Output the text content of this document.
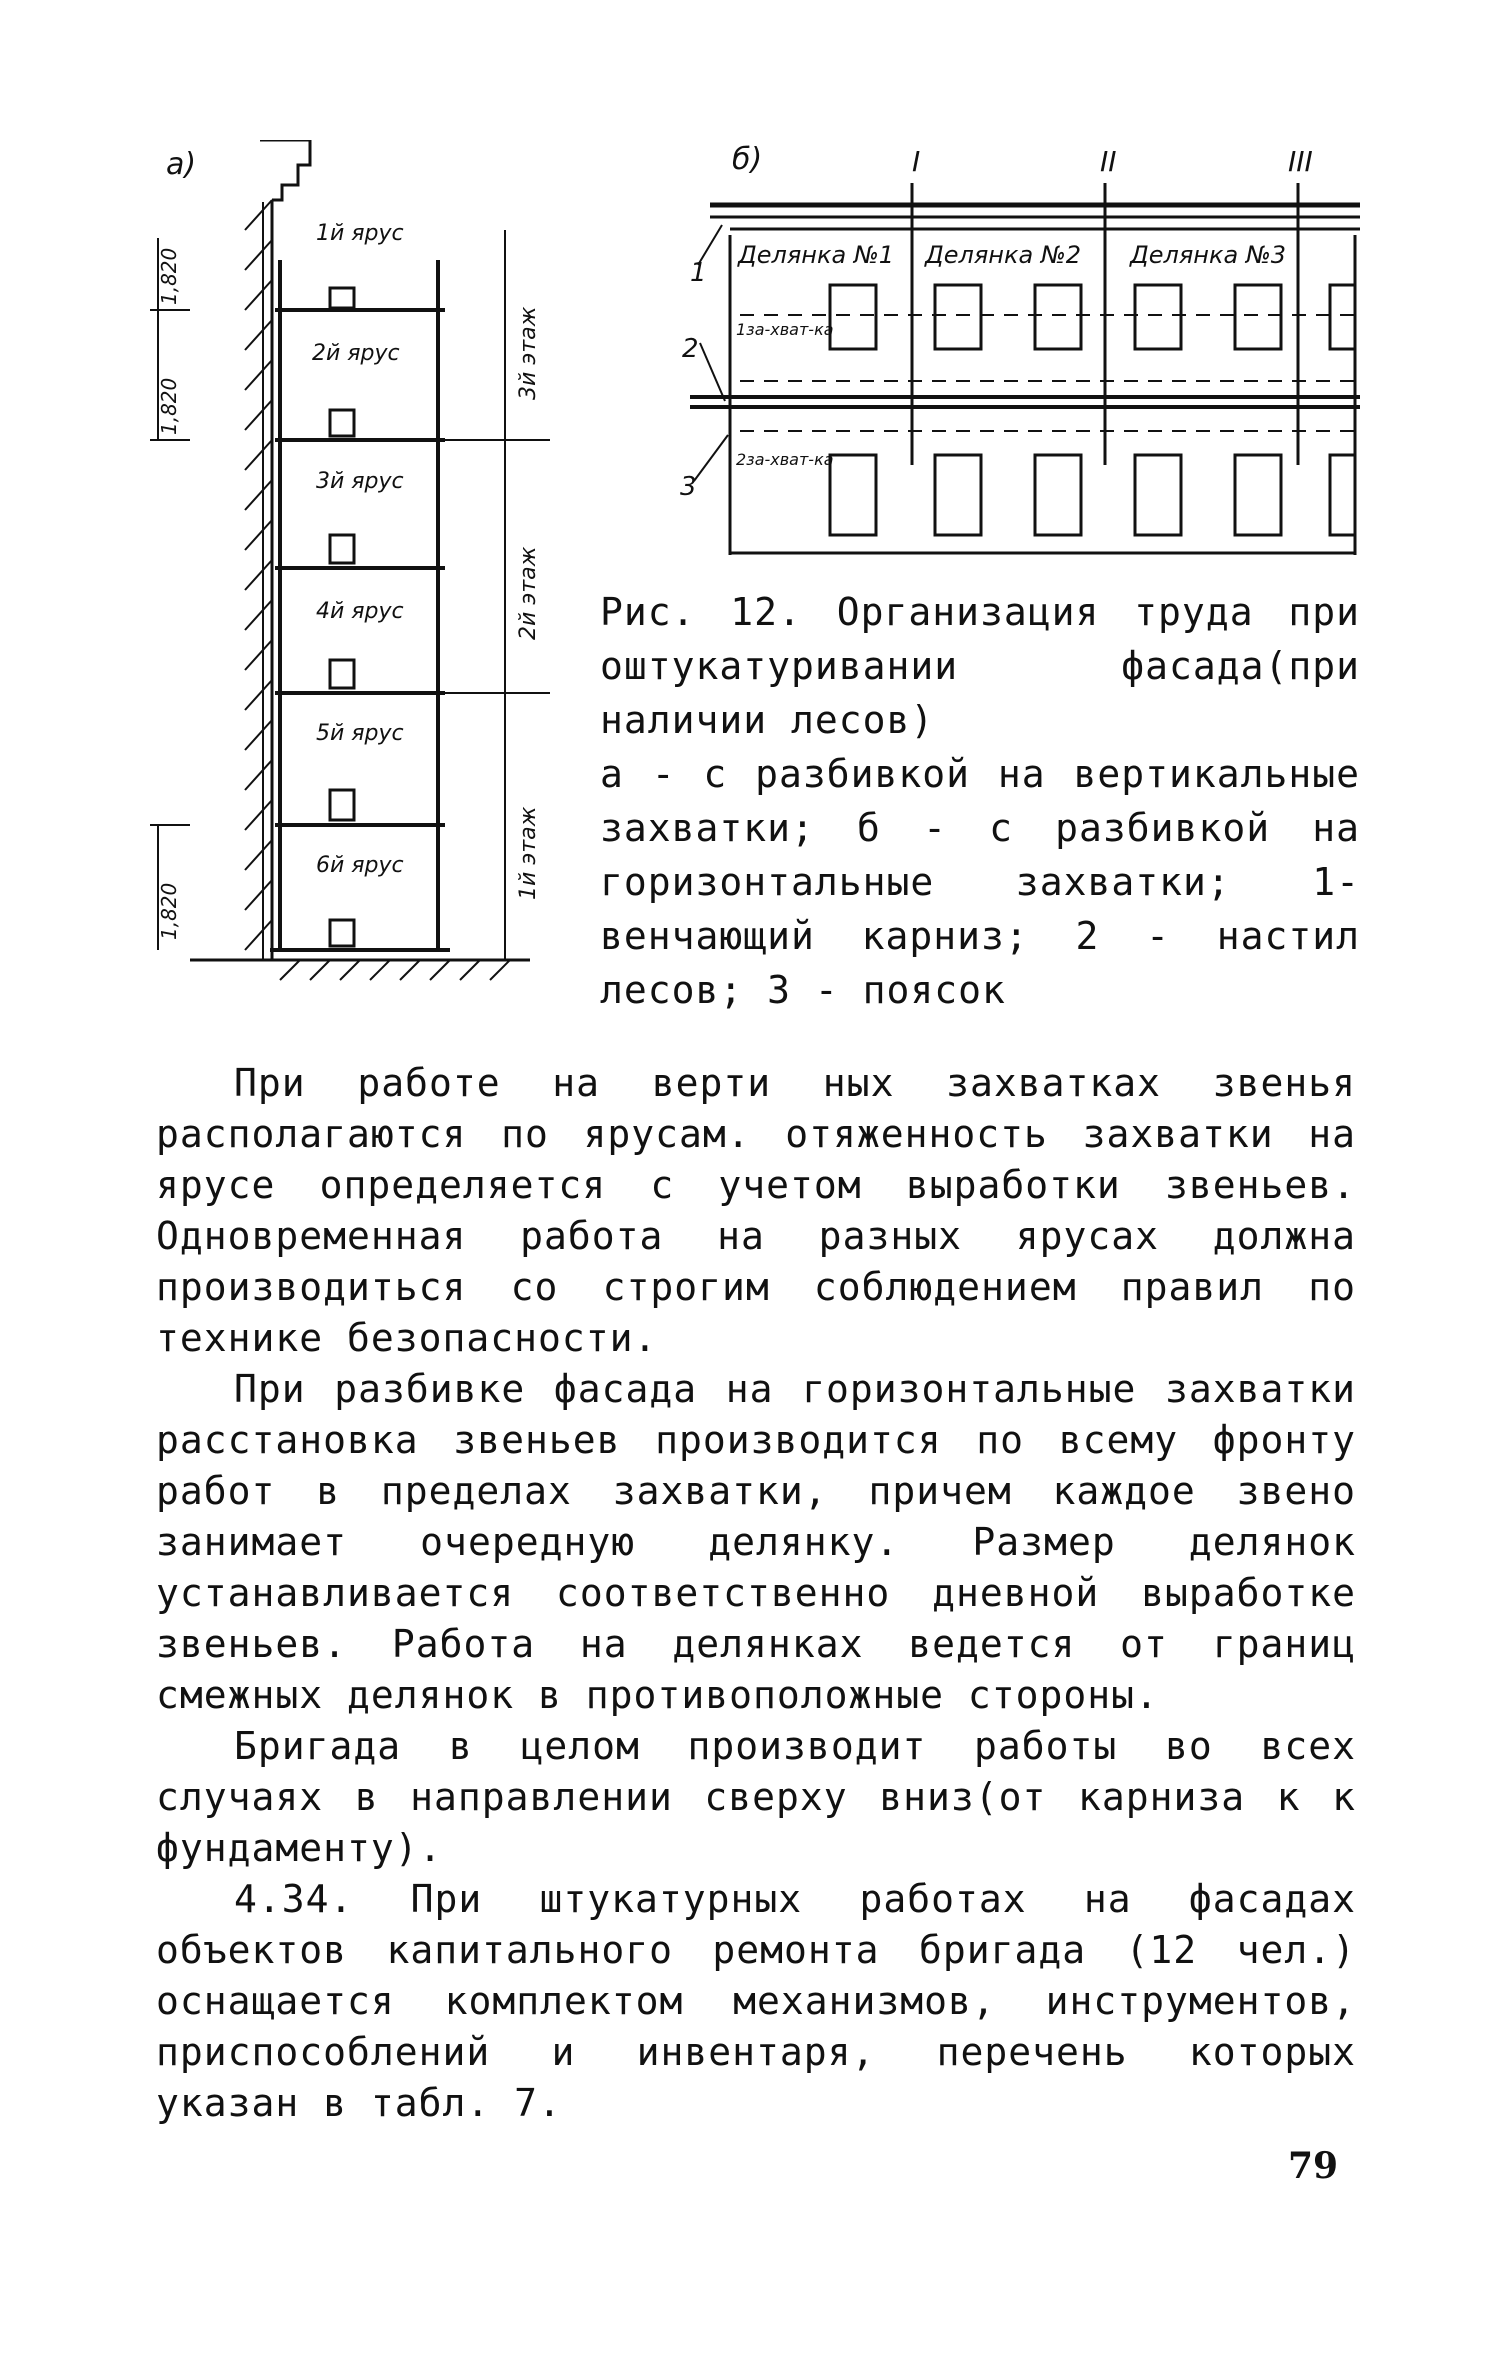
а)
1й ярус
2й ярус
3й ярус
4й ярус
5й ярус
6й ярус
3й этаж
2й этаж
1й этаж
1,820
1,820
1,820
б)	I	II	III
Делянка №1 Делянка №2 Делянка №3
1за-хват-ка
2за-хват-ка
1
2
3

Рис. 12. Организация труда при оштукатуривании фасада(при наличии лесов)

а - с разбивкой на вертикальные захватки; б - с разбивкой на горизонтальные захватки; 1- венчающий карниз; 2 - настил лесов; 3 - поясок

При работе на верти ных захватках звенья располагаются по ярусам. отяженность захватки на ярусе определяется с учетом выработки звеньев. Одновременная работа на разных ярусах должна производиться со строгим соблюдением правил по технике безопасности.

При разбивке фасада на горизонтальные захватки расстановка звеньев производится по всему фронту работ в пределах захватки, причем каждое звено занимает очередную делянку. Размер делянок устанавливается соответственно дневной выработке звеньев. Работа на делянках ведется от границ смежных делянок в противоположные стороны.

Бригада в целом производит работы во всех случаях в направлении сверху вниз(от карниза к к фундаменту).

4.34. При штукатурных работах на фасадах объектов капитального ремонта бригада (12 чел.) оснащается комплектом механизмов, инструментов, приспособлений и инвентаря, перечень которых указан в табл. 7.

79
